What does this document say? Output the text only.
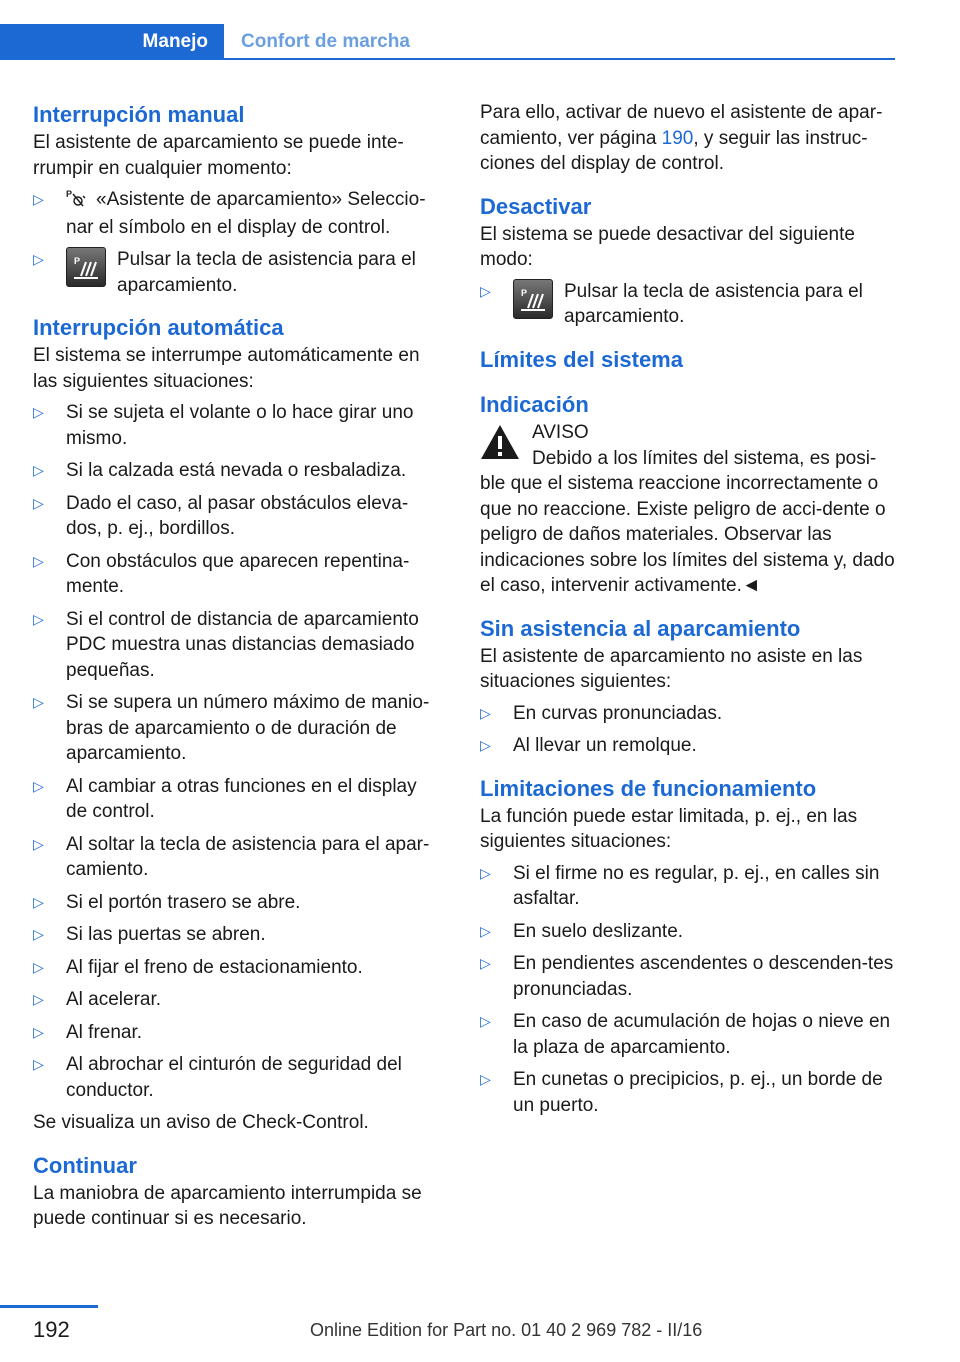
Manejo Confort de marcha
Interrupción manual

El asistente de aparcamiento se puede inte-rrumpir en cualquier momento:

▷ P «Asistente de aparcamiento» Seleccio-nar el símbolo en el display de control.
▷	P Pulsar la tecla de asistencia para el aparcamiento.
Interrupción automática

El sistema se interrumpe automáticamente en las siguientes situaciones:

▷ Si se sujeta el volante o lo hace girar uno mismo.
▷ Si la calzada está nevada o resbaladiza.
▷ Dado el caso, al pasar obstáculos eleva-dos, p. ej., bordillos.
▷ Con obstáculos que aparecen repentina-mente.
▷ Si el control de distancia de aparcamiento PDC muestra unas distancias demasiado pequeñas.
▷ Si se supera un número máximo de manio-bras de aparcamiento o de duración de aparcamiento.
▷ Al cambiar a otras funciones en el display de control.
▷ Al soltar la tecla de asistencia para el apar-camiento.
▷ Si el portón trasero se abre.
▷ Si las puertas se abren.
▷ Al fijar el freno de estacionamiento.
▷ Al acelerar.
▷ Al frenar.
▷ Al abrochar el cinturón de seguridad del conductor.

Se visualiza un aviso de Check-Control.

Continuar

La maniobra de aparcamiento interrumpida se puede continuar si es necesario.

Para ello, activar de nuevo el asistente de apar-camiento, ver página 190, y seguir las instruc-ciones del display de control.

Desactivar

El sistema se puede desactivar del siguiente modo:

▷	P Pulsar la tecla de asistencia para el aparcamiento.
Límites del sistema
Indicación

AVISO

Debido a los límites del sistema, es posi-ble que el sistema reaccione incorrectamente o que no reaccione. Existe peligro de acci-dente o peligro de daños materiales. Observar las indicaciones sobre los límites del sistema y, dado el caso, intervenir activamente.◄

Sin asistencia al aparcamiento

El asistente de aparcamiento no asiste en las situaciones siguientes:

▷ En curvas pronunciadas.
▷ Al llevar un remolque.
Limitaciones de funcionamiento

La función puede estar limitada, p. ej., en las siguientes situaciones:

▷ Si el firme no es regular, p. ej., en calles sin asfaltar.
▷ En suelo deslizante.
▷ En pendientes ascendentes o descenden-tes pronunciadas.
▷ En caso de acumulación de hojas o nieve en la plaza de aparcamiento.
▷ En cunetas o precipicios, p. ej., un borde de un puerto.
192	Online Edition for Part no. 01 40 2 969 782 - II/16
